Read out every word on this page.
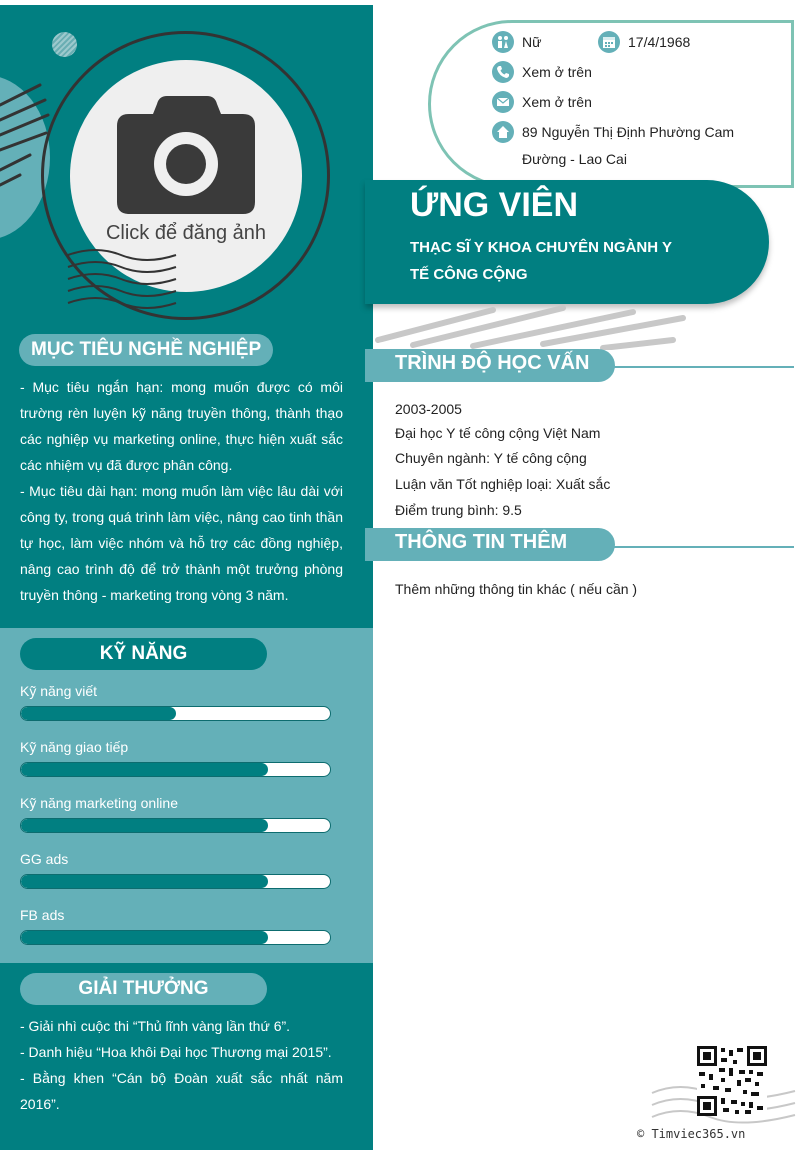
Click để đăng ảnh
MỤC TIÊU NGHỀ NGHIỆP
- Mục tiêu ngắn hạn: mong muốn được có môi trường rèn luyện kỹ năng truyền thông, thành thạo các nghiệp vụ marketing online, thực hiện xuất sắc các nhiệm vụ đã được phân công.
- Mục tiêu dài hạn: mong muốn làm việc lâu dài với công ty, trong quá trình làm việc, nâng cao tinh thần tự học, làm việc nhóm và hỗ trợ các đồng nghiệp, nâng cao trình độ để trở thành một trưởng phòng truyền thông - marketing trong vòng 3 năm.
KỸ NĂNG
Kỹ năng viết
Kỹ năng giao tiếp
Kỹ năng marketing online
GG ads
FB ads
GIẢI THƯỞNG
- Giải nhì cuộc thi “Thủ lĩnh vàng lần thứ 6”.
- Danh hiệu “Hoa khôi Đại học Thương mại 2015”.
- Bằng khen “Cán bộ Đoàn xuất sắc nhất năm 2016”.
Nữ	17/4/1968
Xem ở trên
Xem ở trên
89 Nguyễn Thị Định Phường Cam
Đường - Lao Cai
ỨNG VIÊN
THẠC SĨ Y KHOA CHUYÊN NGÀNH Y
TẾ CÔNG CỘNG
TRÌNH ĐỘ HỌC VẤN
2003-2005
Đại học Y tế công cộng Việt Nam
Chuyên ngành: Y tế công cộng
Luận văn Tốt nghiệp loại: Xuất sắc
Điểm trung bình: 9.5
THÔNG TIN THÊM
Thêm những thông tin khác ( nếu cần )
© Timviec365.vn
